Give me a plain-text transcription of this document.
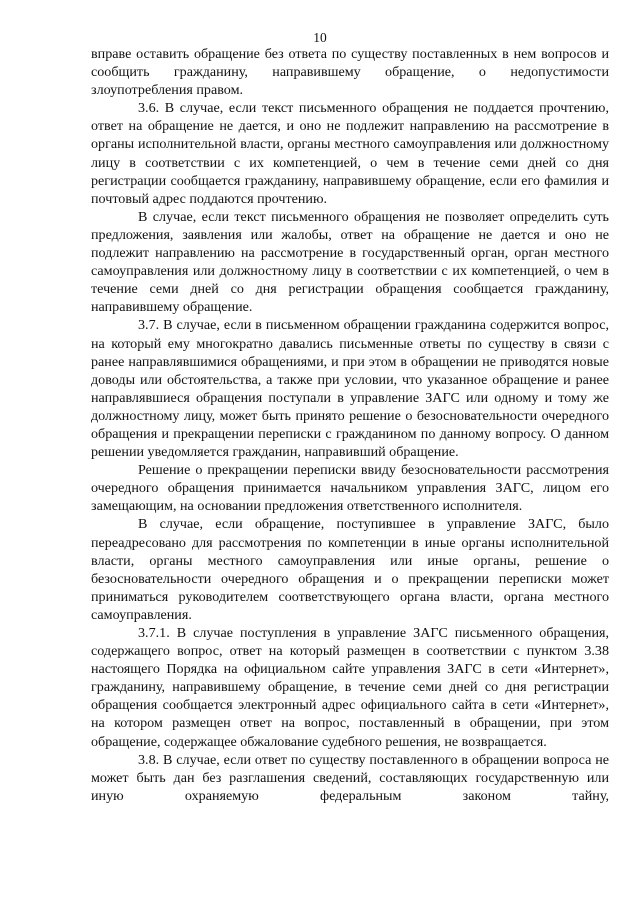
10

вправе оставить обращение без ответа по существу поставленных в нем вопросов и сообщить гражданину, направившему обращение, о недопустимости злоупотребления правом.

3.6. В случае, если текст письменного обращения не поддается прочтению, ответ на обращение не дается, и оно не подлежит направлению на рассмотрение в органы исполнительной власти, органы местного самоуправления или должностному лицу в соответствии с их компетенцией, о чем в течение семи дней со дня регистрации сообщается гражданину, направившему обращение, если его фамилия и почтовый адрес поддаются прочтению.

В случае, если текст письменного обращения не позволяет определить суть предложения, заявления или жалобы, ответ на обращение не дается и оно не подлежит направлению на рассмотрение в государственный орган, орган местного самоуправления или должностному лицу в соответствии с их компетенцией, о чем в течение семи дней со дня регистрации обращения сообщается гражданину, направившему обращение.

3.7. В случае, если в письменном обращении гражданина содержится вопрос, на который ему многократно давались письменные ответы по существу в связи с ранее направлявшимися обращениями, и при этом в обращении не приводятся новые доводы или обстоятельства, а также при условии, что указанное обращение и ранее направлявшиеся обращения поступали в управление ЗАГС или одному и тому же должностному лицу, может быть принято решение о безосновательности очередного обращения и прекращении переписки с гражданином по данному вопросу. О данном решении уведомляется гражданин, направивший обращение.

Решение о прекращении переписки ввиду безосновательности рассмотрения очередного обращения принимается начальником управления ЗАГС, лицом его замещающим, на основании предложения ответственного исполнителя.

В случае, если обращение, поступившее в управление ЗАГС, было переадресовано для рассмотрения по компетенции в иные органы исполнительной власти, органы местного самоуправления или иные органы, решение о безосновательности очередного обращения и о прекращении переписки может приниматься руководителем соответствующего органа власти, органа местного самоуправления.

3.7.1. В случае поступления в управление ЗАГС письменного обращения, содержащего вопрос, ответ на который размещен в соответствии с пунктом 3.38 настоящего Порядка на официальном сайте управления ЗАГС в сети «Интернет», гражданину, направившему обращение, в течение семи дней со дня регистрации обращения сообщается электронный адрес официального сайта в сети «Интернет», на котором размещен ответ на вопрос, поставленный в обращении, при этом обращение, содержащее обжалование судебного решения, не возвращается.

3.8. В случае, если ответ по существу поставленного в обращении вопроса не может быть дан без разглашения сведений, составляющих государственную или иную охраняемую федеральным законом тайну,
